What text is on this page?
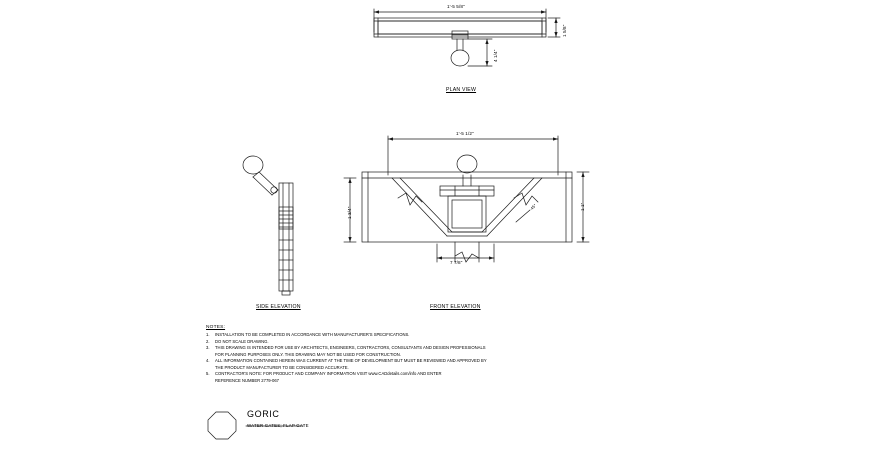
1'-5 5/8"
1 5/8"
4 1/4"
PLAN VIEW
SIDE ELEVATION
1'-5 1/2"
1 3/4"	1 1"
7 7/8"
45°
FRONT ELEVATION
NOTES:
1.	INSTALLATION TO BE COMPLETED IN ACCORDANCE WITH MANUFACTURER'S SPECIFICATIONS.
2.	DO NOT SCALE DRAWING.
3.	THIS DRAWING IS INTENDED FOR USE BY ARCHITECTS, ENGINEERS, CONTRACTORS, CONSULTANTS AND DESIGN PROFESSIONALS
FOR PLANNING PURPOSES ONLY. THIS DRAWING MAY NOT BE USED FOR CONSTRUCTION.
4.	ALL INFORMATION CONTAINED HEREIN WAS CURRENT AT THE TIME OF DEVELOPMENT BUT MUST BE REVIEWED AND APPROVED BY
THE PRODUCT MANUFACTURER TO BE CONSIDERED ACCURATE.
5.	CONTRACTOR'S NOTE: FOR PRODUCT AND COMPANY INFORMATION VISIT www.CADdetails.com/info AND ENTER
REFERENCE NUMBER 2779-067
GORIC
WATER GATES; FLAP GATE
